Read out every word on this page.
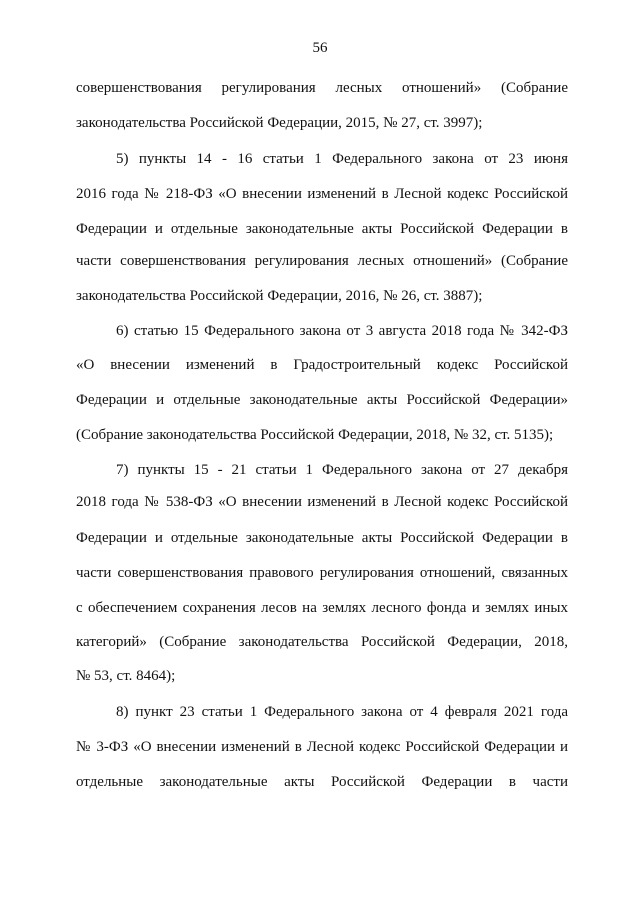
56
совершенствования регулирования лесных отношений» (Собрание
законодательства Российской Федерации, 2015, № 27, ст. 3997);
5) пункты 14 - 16 статьи 1 Федерального закона от 23 июня
2016 года № 218-ФЗ «О внесении изменений в Лесной кодекс Российской
Федерации и отдельные законодательные акты Российской Федерации в
части совершенствования регулирования лесных отношений» (Собрание
законодательства Российской Федерации, 2016, № 26, ст. 3887);
6) статью 15 Федерального закона от 3 августа 2018 года № 342-ФЗ
«О внесении изменений в Градостроительный кодекс Российской
Федерации и отдельные законодательные акты Российской Федерации»
(Собрание законодательства Российской Федерации, 2018, № 32, ст. 5135);
7) пункты 15 - 21 статьи 1 Федерального закона от 27 декабря
2018 года № 538-ФЗ «О внесении изменений в Лесной кодекс Российской
Федерации и отдельные законодательные акты Российской Федерации в
части совершенствования правового регулирования отношений, связанных
с обеспечением сохранения лесов на землях лесного фонда и землях иных
категорий» (Собрание законодательства Российской Федерации, 2018,
№ 53, ст. 8464);
8) пункт 23 статьи 1 Федерального закона от 4 февраля 2021 года
№ 3-ФЗ «О внесении изменений в Лесной кодекс Российской Федерации и
отдельные законодательные акты Российской Федерации в части
